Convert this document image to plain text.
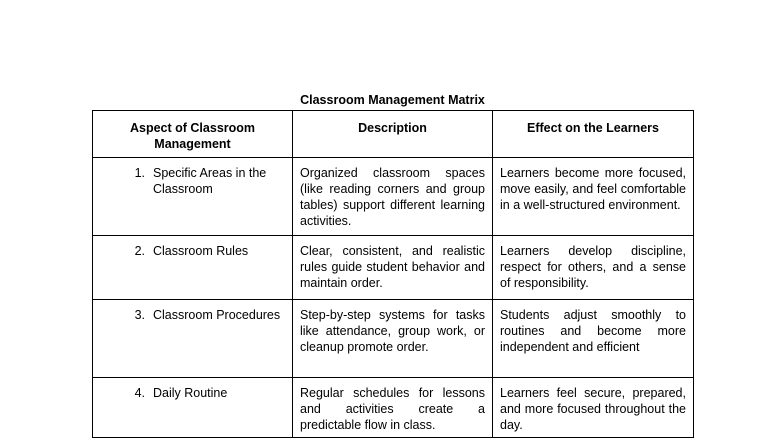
Classroom Management Matrix
Aspect of Classroom Management	Description	Effect on the Learners

1. Specific Areas in the Classroom	Organized classroom spaces (like reading corners and group tables) support different learning activities.	Learners become more focused, move easily, and feel comfortable in a well-structured environment.

2. Classroom Rules	Clear, consistent, and realistic rules guide student behavior and maintain order.	Learners develop discipline, respect for others, and a sense of responsibility.

3. Classroom Procedures	Step-by-step systems for tasks like attendance, group work, or cleanup promote order.	Students adjust smoothly to routines and become more independent and efficient

4. Daily Routine	Regular schedules for lessons and activities create a predictable flow in class.	Learners feel secure, prepared, and more focused throughout the day.
